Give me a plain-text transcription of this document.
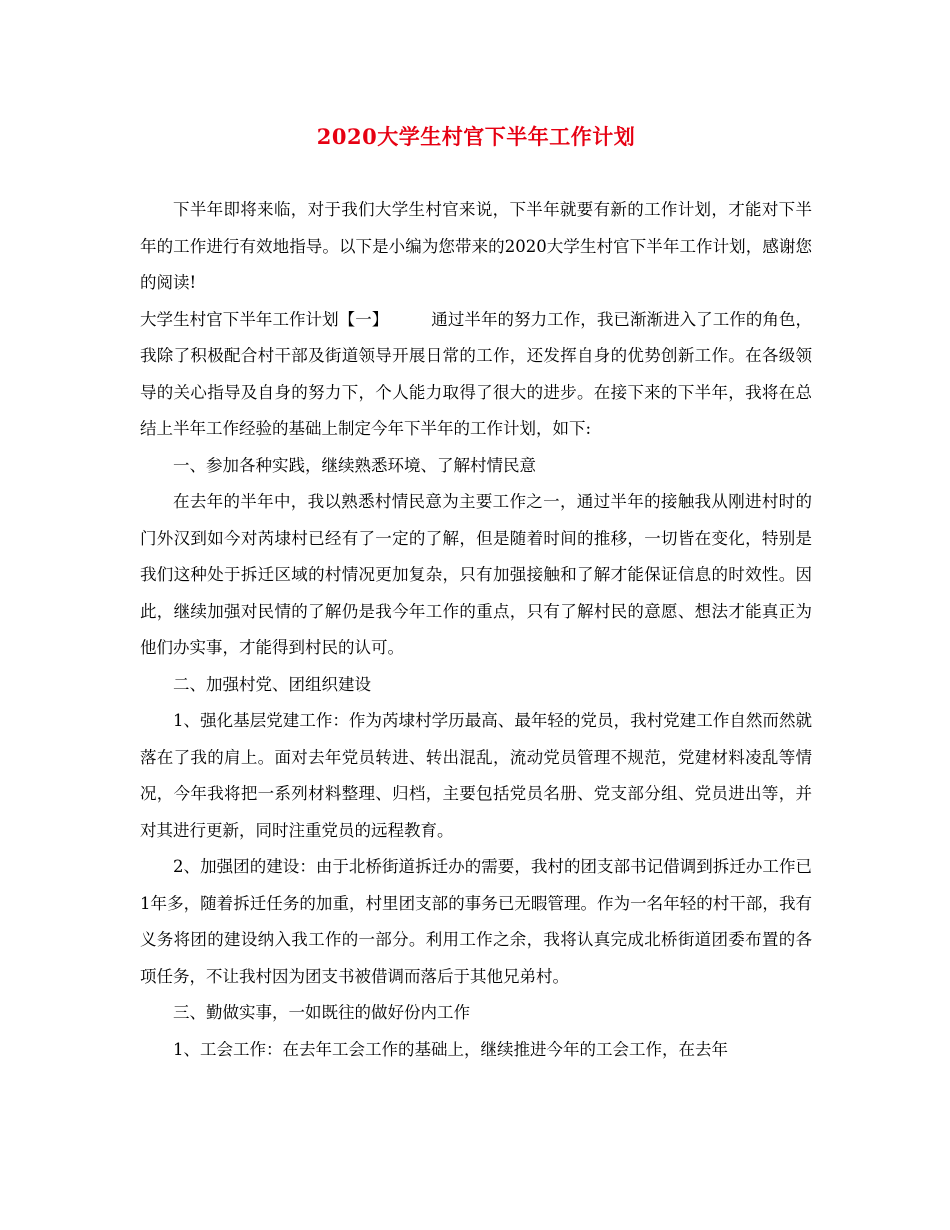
2020大学生村官下半年工作计划

下半年即将来临，对于我们大学生村官来说，下半年就要有新的工作计划，才能对下半年的工作进行有效地指导。以下是小编为您带来的2020大学生村官下半年工作计划，感谢您的阅读!

大学生村官下半年工作计划【一】	通过半年的努力工作，我已渐渐进入了工作的角色，我除了积极配合村干部及街道领导开展日常的工作，还发挥自身的优势创新工作。在各级领导的关心指导及自身的努力下，个人能力取得了很大的进步。在接下来的下半年，我将在总结上半年工作经验的基础上制定今年下半年的工作计划，如下:

一、参加各种实践，继续熟悉环境、了解村情民意

在去年的半年中，我以熟悉村情民意为主要工作之一，通过半年的接触我从刚进村时的门外汉到如今对芮埭村已经有了一定的了解，但是随着时间的推移，一切皆在变化，特别是我们这种处于拆迁区域的村情况更加复杂，只有加强接触和了解才能保证信息的时效性。因此，继续加强对民情的了解仍是我今年工作的重点，只有了解村民的意愿、想法才能真正为他们办实事，才能得到村民的认可。

二、加强村党、团组织建设

1、强化基层党建工作：作为芮埭村学历最高、最年轻的党员，我村党建工作自然而然就落在了我的肩上。面对去年党员转进、转出混乱，流动党员管理不规范，党建材料凌乱等情况，今年我将把一系列材料整理、归档，主要包括党员名册、党支部分组、党员进出等，并对其进行更新，同时注重党员的远程教育。

2、加强团的建设：由于北桥街道拆迁办的需要，我村的团支部书记借调到拆迁办工作已1年多，随着拆迁任务的加重，村里团支部的事务已无暇管理。作为一名年轻的村干部，我有义务将团的建设纳入我工作的一部分。利用工作之余，我将认真完成北桥街道团委布置的各项任务，不让我村因为团支书被借调而落后于其他兄弟村。

三、勤做实事，一如既往的做好份内工作

1、工会工作：在去年工会工作的基础上，继续推进今年的工会工作，在去年
